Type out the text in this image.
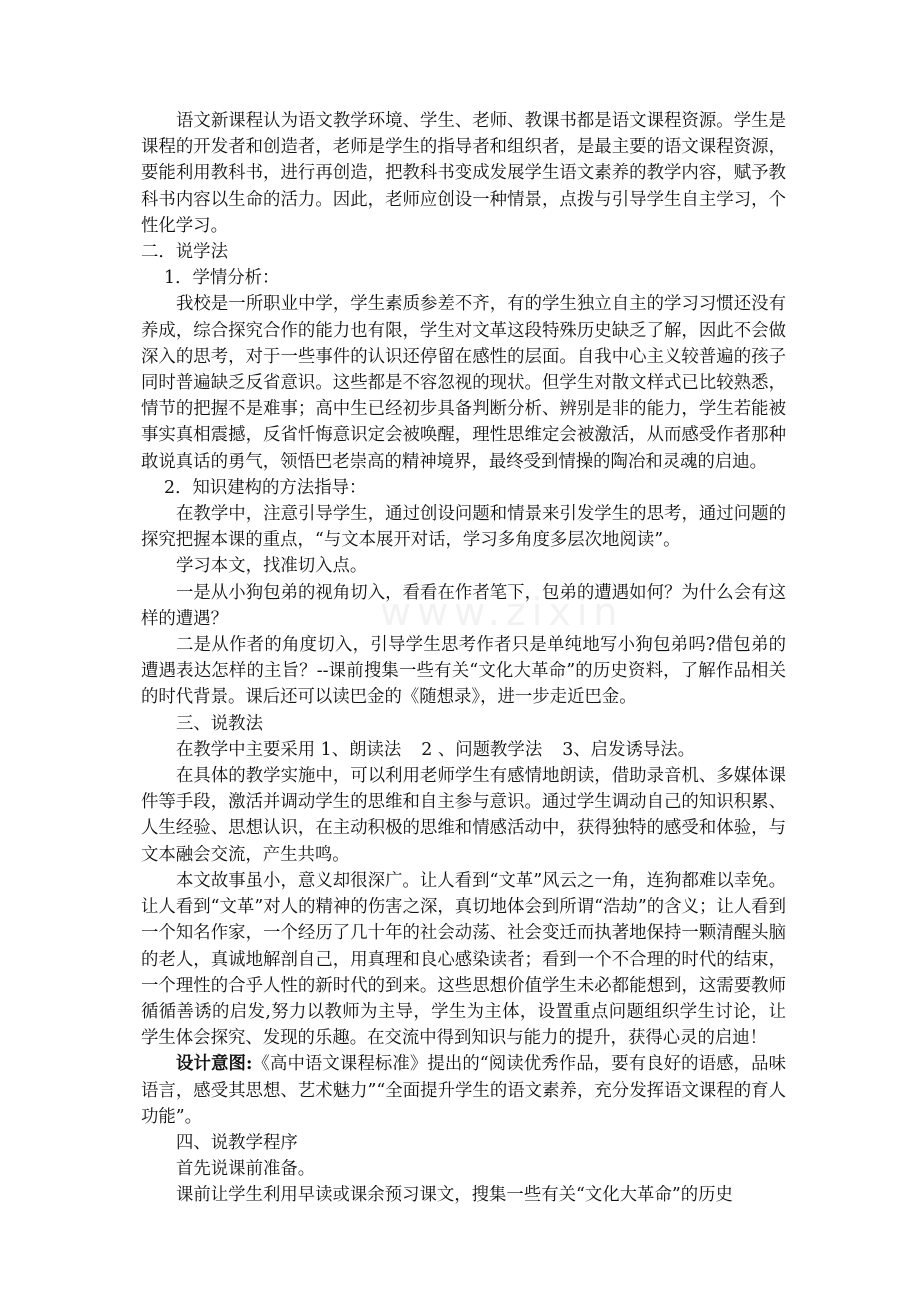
www.zixin

语文新课程认为语文教学环境、学生、老师、教课书都是语文课程资源。学生是课程的开发者和创造者，老师是学生的指导者和组织者，是最主要的语文课程资源，要能利用教科书，进行再创造，把教科书变成发展学生语文素养的教学内容，赋予教科书内容以生命的活力。因此，老师应创设一种情景，点拨与引导学生自主学习，个性化学习。

二．说学法

1．学情分析：

我校是一所职业中学，学生素质参差不齐，有的学生独立自主的学习习惯还没有养成，综合探究合作的能力也有限，学生对文革这段特殊历史缺乏了解，因此不会做深入的思考，对于一些事件的认识还停留在感性的层面。自我中心主义较普遍的孩子同时普遍缺乏反省意识。这些都是不容忽视的现状。但学生对散文样式已比较熟悉，情节的把握不是难事；高中生已经初步具备判断分析、辨别是非的能力，学生若能被事实真相震撼，反省忏悔意识定会被唤醒，理性思维定会被激活，从而感受作者那种敢说真话的勇气，领悟巴老崇高的精神境界，最终受到情操的陶冶和灵魂的启迪。

2．知识建构的方法指导：

在教学中，注意引导学生，通过创设问题和情景来引发学生的思考，通过问题的探究把握本课的重点，“与文本展开对话，学习多角度多层次地阅读”。

学习本文，找准切入点。

一是从小狗包弟的视角切入，看看在作者笔下，包弟的遭遇如何？为什么会有这样的遭遇？

二是从作者的角度切入，引导学生思考作者只是单纯地写小狗包弟吗?借包弟的遭遇表达怎样的主旨？--课前搜集一些有关“文化大革命”的历史资料，了解作品相关的时代背景。课后还可以读巴金的《随想录》，进一步走近巴金。

三、说教法

在教学中主要采用 1、朗读法 2 、问题教学法 3、启发诱导法。

在具体的教学实施中，可以利用老师学生有感情地朗读，借助录音机、多媒体课件等手段，激活并调动学生的思维和自主参与意识。通过学生调动自己的知识积累、人生经验、思想认识，在主动积极的思维和情感活动中，获得独特的感受和体验，与文本融会交流，产生共鸣。

本文故事虽小，意义却很深广。让人看到“文革”风云之一角，连狗都难以幸免。让人看到“文革”对人的精神的伤害之深，真切地体会到所谓“浩劫”的含义；让人看到一个知名作家，一个经历了几十年的社会动荡、社会变迁而执著地保持一颗清醒头脑的老人，真诚地解剖自己，用真理和良心感染读者；看到一个不合理的时代的结束，一个理性的合乎人性的新时代的到来。这些思想价值学生未必都能想到，这需要教师循循善诱的启发,努力以教师为主导，学生为主体，设置重点问题组织学生讨论，让学生体会探究、发现的乐趣。在交流中得到知识与能力的提升，获得心灵的启迪！

设计意图:《高中语文课程标准》提出的“阅读优秀作品，要有良好的语感，品味语言，感受其思想、艺术魅力”“全面提升学生的语文素养，充分发挥语文课程的育人功能”。

四、说教学程序

首先说课前准备。

课前让学生利用早读或课余预习课文，搜集一些有关“文化大革命”的历史
